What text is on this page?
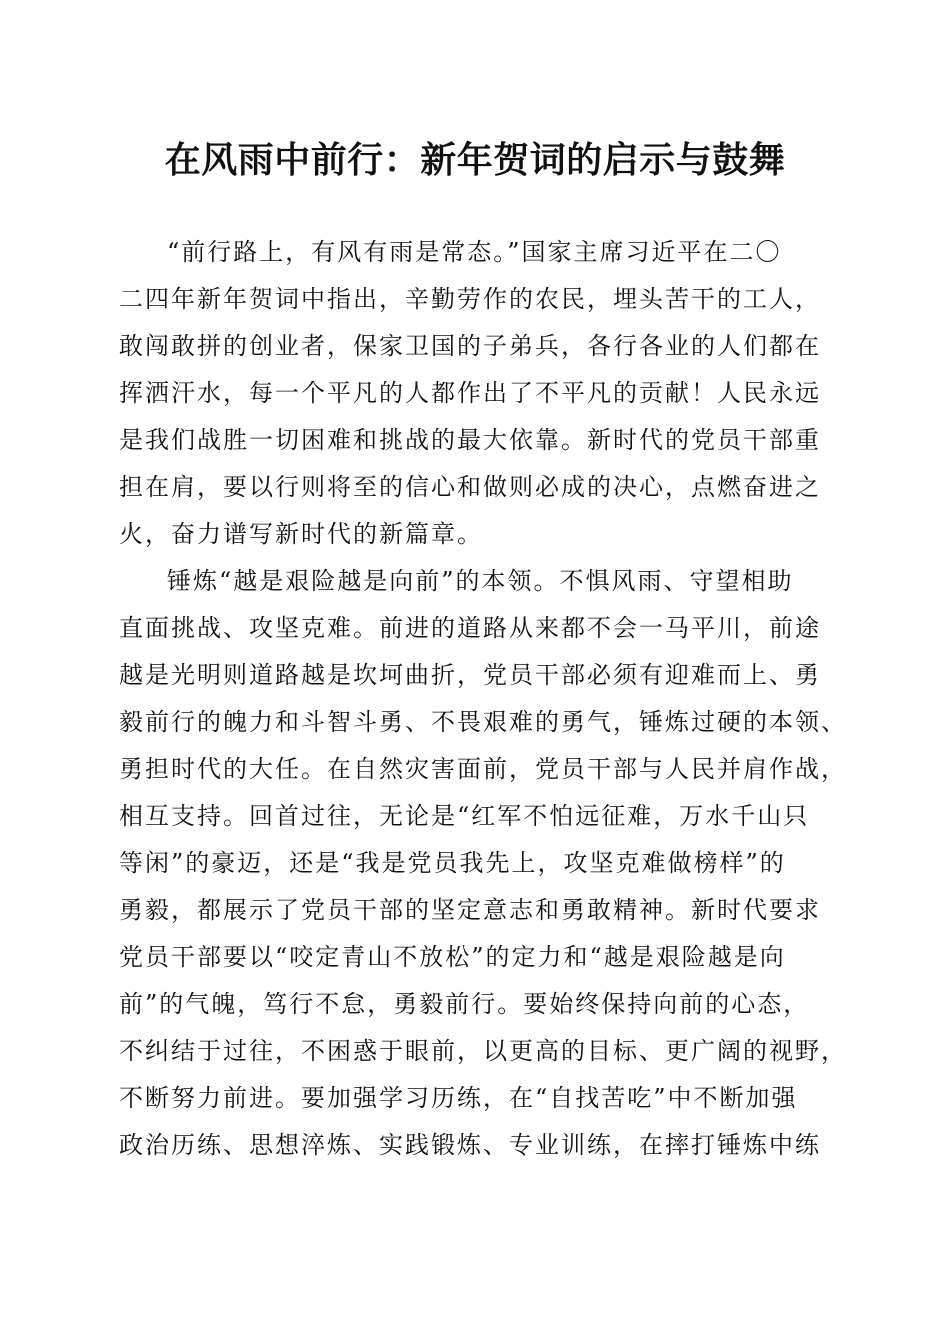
在风雨中前行：新年贺词的启示与鼓舞

“前行路上，有风有雨是常态。”国家主席习近平在二〇

二四年新年贺词中指出，辛勤劳作的农民，埋头苦干的工人，

敢闯敢拼的创业者，保家卫国的子弟兵，各行各业的人们都在

挥洒汗水，每一个平凡的人都作出了不平凡的贡献！人民永远

是我们战胜一切困难和挑战的最大依靠。新时代的党员干部重

担在肩，要以行则将至的信心和做则必成的决心，点燃奋进之

火，奋力谱写新时代的新篇章。

锤炼“越是艰险越是向前”的本领。不惧风雨、守望相助

直面挑战、攻坚克难。前进的道路从来都不会一马平川，前途

越是光明则道路越是坎坷曲折，党员干部必须有迎难而上、勇

毅前行的魄力和斗智斗勇、不畏艰难的勇气，锤炼过硬的本领、

勇担时代的大任。在自然灾害面前，党员干部与人民并肩作战，

相互支持。回首过往，无论是“红军不怕远征难，万水千山只

等闲”的豪迈，还是“我是党员我先上，攻坚克难做榜样”的

勇毅，都展示了党员干部的坚定意志和勇敢精神。新时代要求

党员干部要以“咬定青山不放松”的定力和“越是艰险越是向

前”的气魄，笃行不怠，勇毅前行。要始终保持向前的心态，

不纠结于过往，不困惑于眼前，以更高的目标、更广阔的视野，

不断努力前进。要加强学习历练，在“自找苦吃”中不断加强

政治历练、思想淬炼、实践锻炼、专业训练，在摔打锤炼中练
